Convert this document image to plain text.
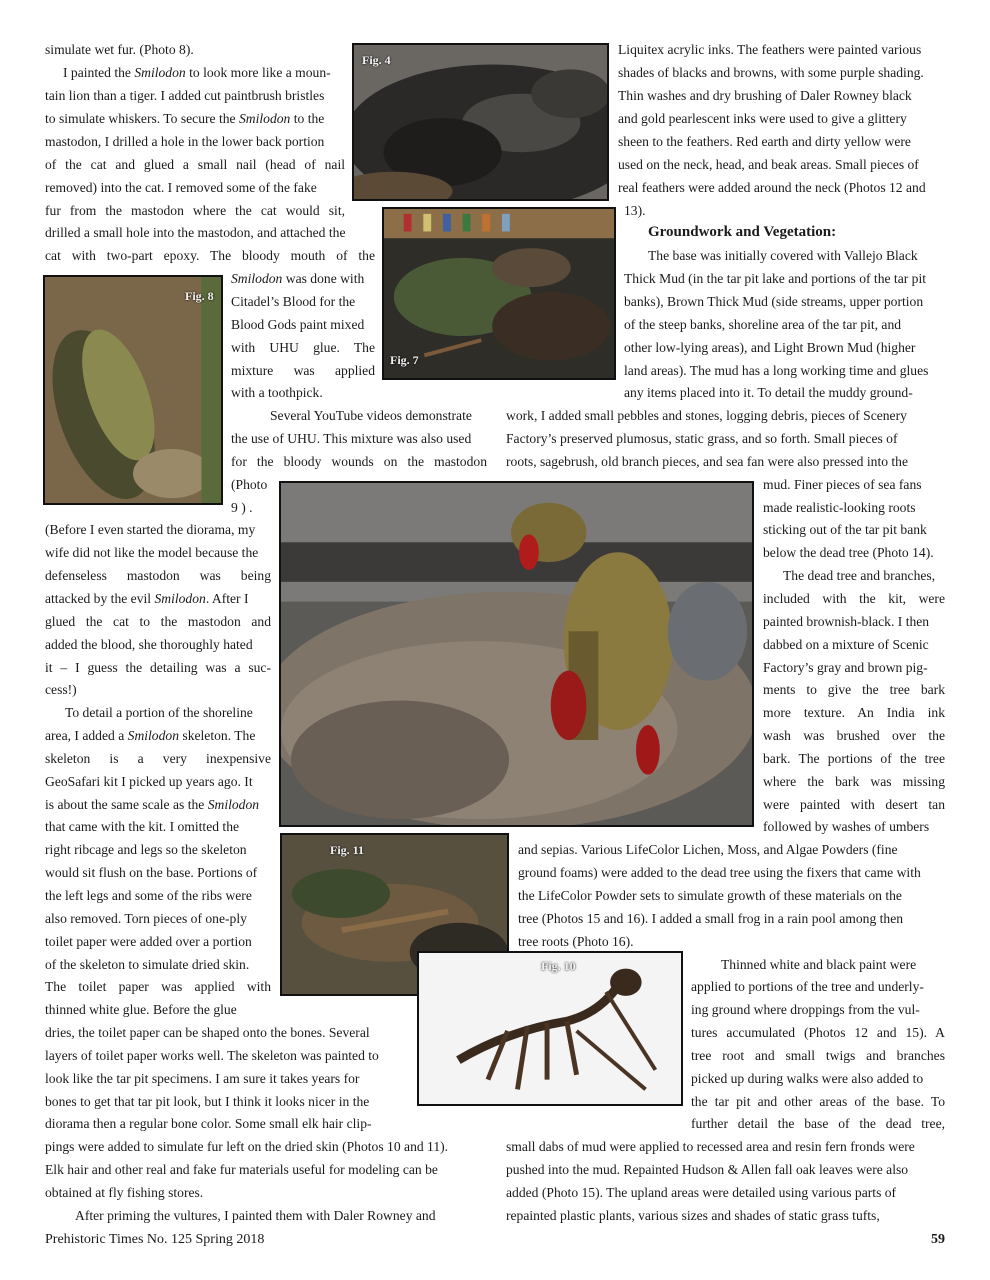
Fig. 4
Fig. 7
Fig. 8
Fig. 11
Fig. 10
simulate wet fur. (Photo 8).
I painted the Smilodon to look more like a moun-
tain lion than a tiger. I added cut paintbrush bristles
to simulate whiskers. To secure the Smilodon to the
mastodon, I drilled a hole in the lower back portion
of the cat and glued a small nail (head of nail
removed) into the cat. I removed some of the fake
fur from the mastodon where the cat would sit,
drilled a small hole into the mastodon, and attached the
cat with two-part epoxy. The bloody mouth of the
Smilodon was done with
Citadel’s Blood for the
Blood Gods paint mixed
with UHU glue. The
mixture was applied
with a toothpick.
Several YouTube videos demonstrate
the use of UHU. This mixture was also used
for the bloody wounds on the mastodon
(Photo
9 ) .
(Before I even started the diorama, my
wife did not like the model because the
defenseless mastodon was being
attacked by the evil Smilodon. After I
glued the cat to the mastodon and
added the blood, she thoroughly hated
it – I guess the detailing was a suc-
cess!)
To detail a portion of the shoreline
area, I added a Smilodon skeleton. The
skeleton is a very inexpensive
GeoSafari kit I picked up years ago. It
is about the same scale as the Smilodon
that came with the kit. I omitted the
right ribcage and legs so the skeleton
would sit flush on the base. Portions of
the left legs and some of the ribs were
also removed. Torn pieces of one-ply
toilet paper were added over a portion
of the skeleton to simulate dried skin.
The toilet paper was applied with
thinned white glue. Before the glue
dries, the toilet paper can be shaped onto the bones. Several
layers of toilet paper works well. The skeleton was painted to
look like the tar pit specimens. I am sure it takes years for
bones to get that tar pit look, but I think it looks nicer in the
diorama then a regular bone color. Some small elk hair clip-
pings were added to simulate fur left on the dried skin (Photos 10 and 11).
Elk hair and other real and fake fur materials useful for modeling can be
obtained at fly fishing stores.
After priming the vultures, I painted them with Daler Rowney and
Liquitex acrylic inks. The feathers were painted various
shades of blacks and browns, with some purple shading.
Thin washes and dry brushing of Daler Rowney black
and gold pearlescent inks were used to give a glittery
sheen to the feathers. Red earth and dirty yellow were
used on the neck, head, and beak areas. Small pieces of
real feathers were added around the neck (Photos 12 and
13).
Groundwork and Vegetation:
The base was initially covered with Vallejo Black
Thick Mud (in the tar pit lake and portions of the tar pit
banks), Brown Thick Mud (side streams, upper portion
of the steep banks, shoreline area of the tar pit, and
other low-lying areas), and Light Brown Mud (higher
land areas). The mud has a long working time and glues
any items placed into it. To detail the muddy ground-
work, I added small pebbles and stones, logging debris, pieces of Scenery
Factory’s preserved plumosus, static grass, and so forth. Small pieces of
roots, sagebrush, old branch pieces, and sea fan were also pressed into the
mud. Finer pieces of sea fans
made realistic-looking roots
sticking out of the tar pit bank
below the dead tree (Photo 14).
The dead tree and branches,
included with the kit, were
painted brownish-black. I then
dabbed on a mixture of Scenic
Factory’s gray and brown pig-
ments to give the tree bark
more texture. An India ink
wash was brushed over the
bark. The portions of the tree
where the bark was missing
were painted with desert tan
followed by washes of umbers
and sepias. Various LifeColor Lichen, Moss, and Algae Powders (fine
ground foams) were added to the dead tree using the fixers that came with
the LifeColor Powder sets to simulate growth of these materials on the
tree (Photos 15 and 16). I added a small frog in a rain pool among then
tree roots (Photo 16).
Thinned white and black paint were
applied to portions of the tree and underly-
ing ground where droppings from the vul-
tures accumulated (Photos 12 and 15). A
tree root and small twigs and branches
picked up during walks were also added to
the tar pit and other areas of the base. To
further detail the base of the dead tree,
small dabs of mud were applied to recessed area and resin fern fronds were
pushed into the mud. Repainted Hudson & Allen fall oak leaves were also
added (Photo 15). The upland areas were detailed using various parts of
repainted plastic plants, various sizes and shades of static grass tufts,
Prehistoric Times No. 125 Spring 2018	59
